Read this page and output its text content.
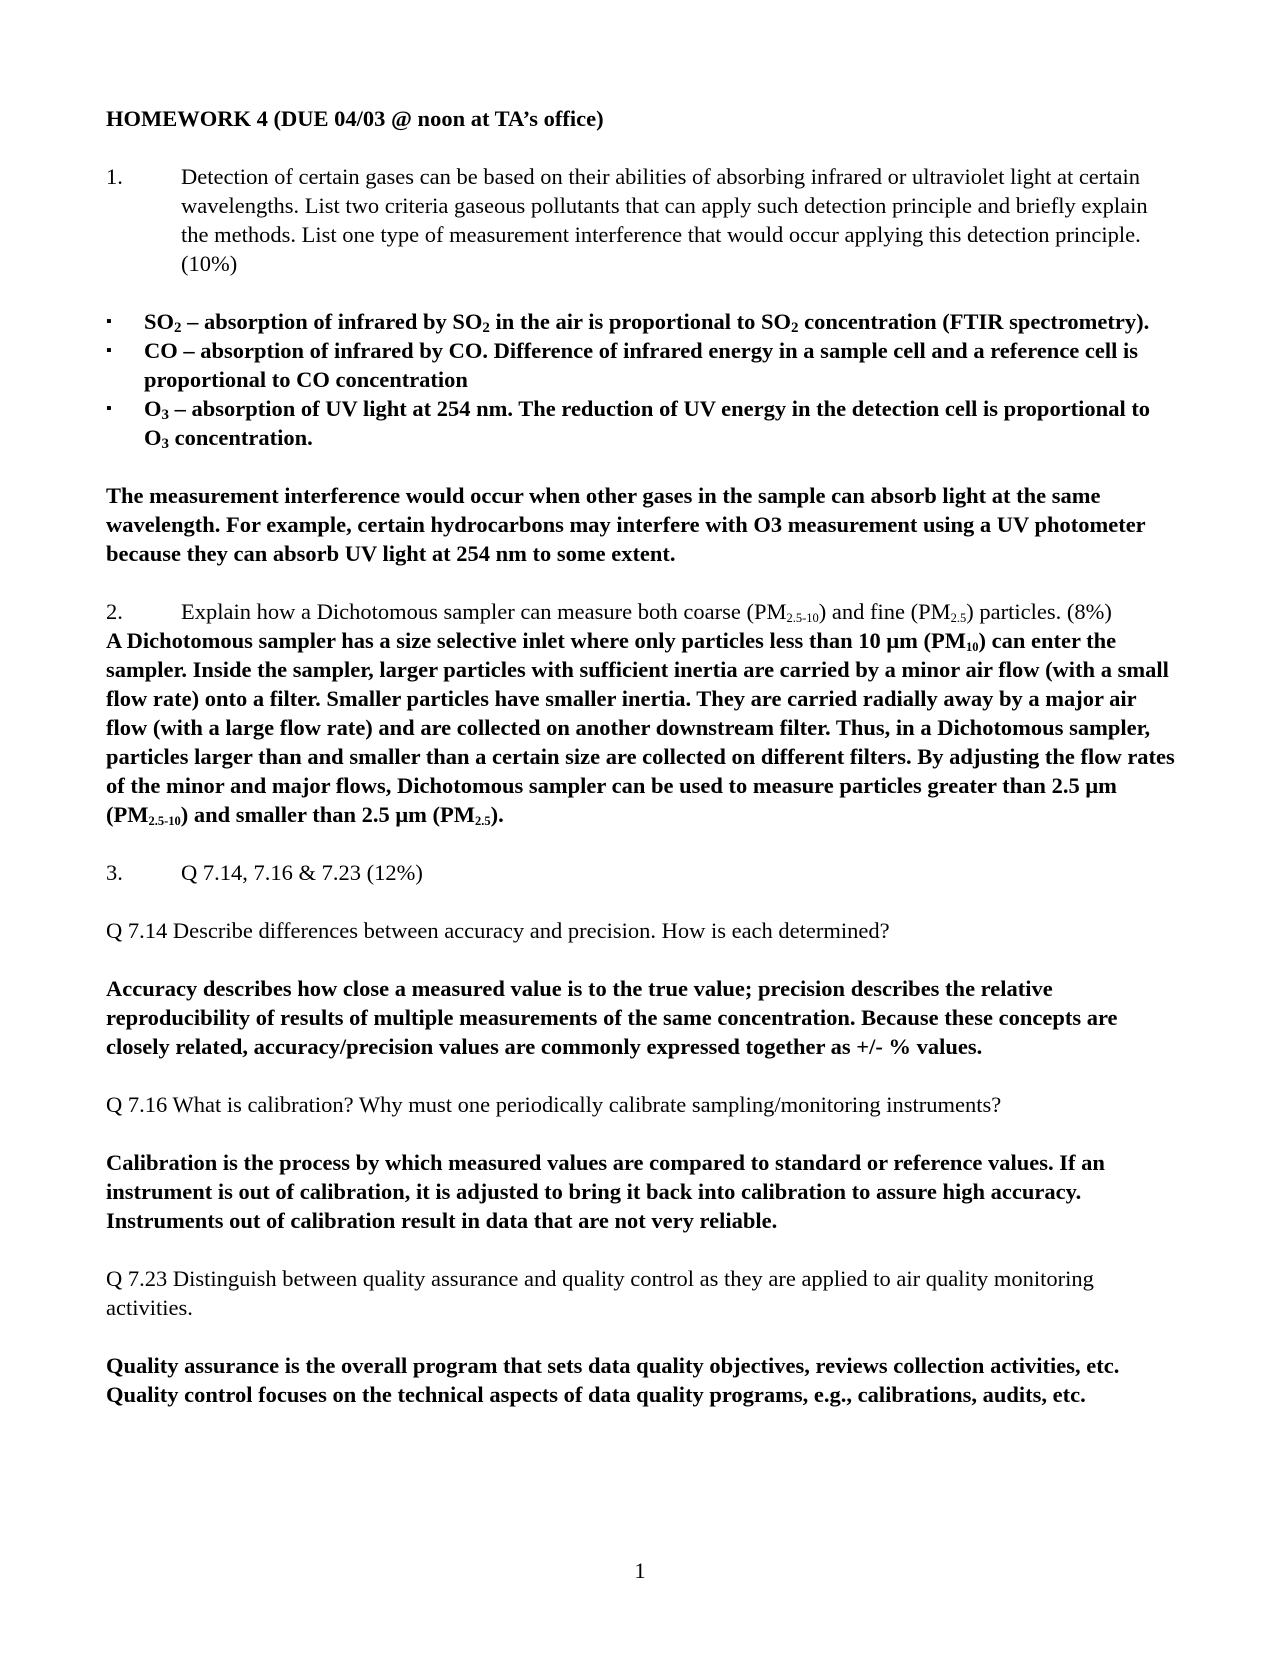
HOMEWORK 4 (DUE 04/03 @ noon at TA’s office)

1.	Detection of certain gases can be based on their abilities of absorbing infrared or ultraviolet light at certain wavelengths. List two criteria gaseous pollutants that can apply such detection principle and briefly explain the methods. List one type of measurement interference that would occur applying this detection principle. (10%)
▪ $SO_2$ – absorption of infrared by $SO_2$ in the air is proportional to $SO_2$ concentration (FTIR spectrometry).
▪ CO – absorption of infrared by CO. Difference of infrared energy in a sample cell and a reference cell is proportional to CO concentration
▪ $O_3$ – absorption of UV light at 254 nm. The reduction of UV energy in the detection cell is proportional to $O_3$ concentration.

The measurement interference would occur when other gases in the sample can absorb light at the same wavelength. For example, certain hydrocarbons may interfere with O3 measurement using a UV photometer because they can absorb UV light at 254 nm to some extent.

2.	Explain how a Dichotomous sampler can measure both coarse $(PM_{2.5-10})$ and fine $(PM_{2.5})$ particles. (8%)

A Dichotomous sampler has a size selective inlet where only particles less than 10 μm $(PM_{10})$ can enter the sampler. Inside the sampler, larger particles with sufficient inertia are carried by a minor air flow (with a small flow rate) onto a filter. Smaller particles have smaller inertia. They are carried radially away by a major air flow (with a large flow rate) and are collected on another downstream filter. Thus, in a Dichotomous sampler, particles larger than and smaller than a certain size are collected on different filters. By adjusting the flow rates of the minor and major flows, Dichotomous sampler can be used to measure particles greater than 2.5 μm $(PM_{2.5-10})$ and smaller than 2.5 μm $(PM_{2.5})$.

3.	Q 7.14, 7.16 & 7.23 (12%)

Q 7.14 Describe differences between accuracy and precision. How is each determined?

Accuracy describes how close a measured value is to the true value; precision describes the relative reproducibility of results of multiple measurements of the same concentration. Because these concepts are closely related, accuracy/precision values are commonly expressed together as +/- % values.

Q 7.16 What is calibration? Why must one periodically calibrate sampling/monitoring instruments?

Calibration is the process by which measured values are compared to standard or reference values. If an instrument is out of calibration, it is adjusted to bring it back into calibration to assure high accuracy. Instruments out of calibration result in data that are not very reliable.

Q 7.23 Distinguish between quality assurance and quality control as they are applied to air quality monitoring activities.

Quality assurance is the overall program that sets data quality objectives, reviews collection activities, etc. Quality control focuses on the technical aspects of data quality programs, e.g., calibrations, audits, etc.

1
